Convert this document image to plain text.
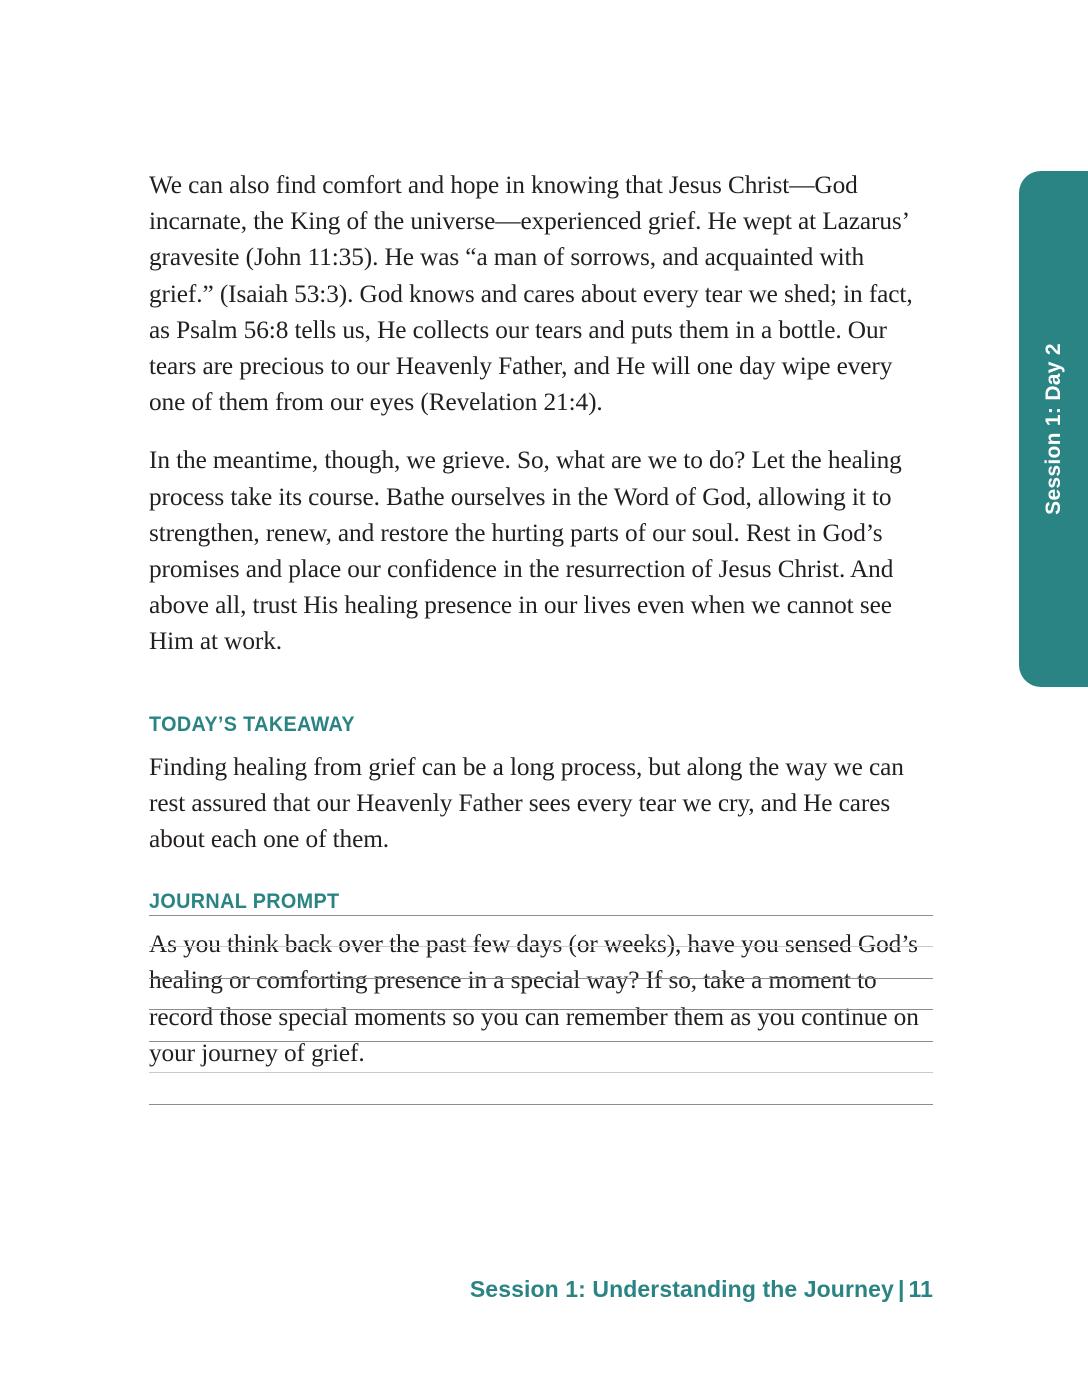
We can also find comfort and hope in knowing that Jesus Christ—God incarnate, the King of the universe—experienced grief. He wept at Lazarus’ gravesite (John 11:35). He was “a man of sorrows, and acquainted with grief.” (Isaiah 53:3). God knows and cares about every tear we shed; in fact, as Psalm 56:8 tells us, He collects our tears and puts them in a bottle. Our tears are precious to our Heavenly Father, and He will one day wipe every one of them from our eyes (Revelation 21:4).

In the meantime, though, we grieve. So, what are we to do? Let the healing process take its course. Bathe ourselves in the Word of God, allowing it to strengthen, renew, and restore the hurting parts of our soul. Rest in God’s promises and place our confidence in the resurrection of Jesus Christ. And above all, trust His healing presence in our lives even when we cannot see Him at work.

TODAY’S TAKEAWAY

Finding healing from grief can be a long process, but along the way we can rest assured that our Heavenly Father sees every tear we cry, and He cares about each one of them.

JOURNAL PROMPT

As you think back over the past few days (or weeks), have you sensed God’s healing or comforting presence in a special way? If so, take a moment to record those special moments so you can remember them as you continue on your journey of grief.

Session 1: Day 2
Session 1: Understanding the Journey | 11
